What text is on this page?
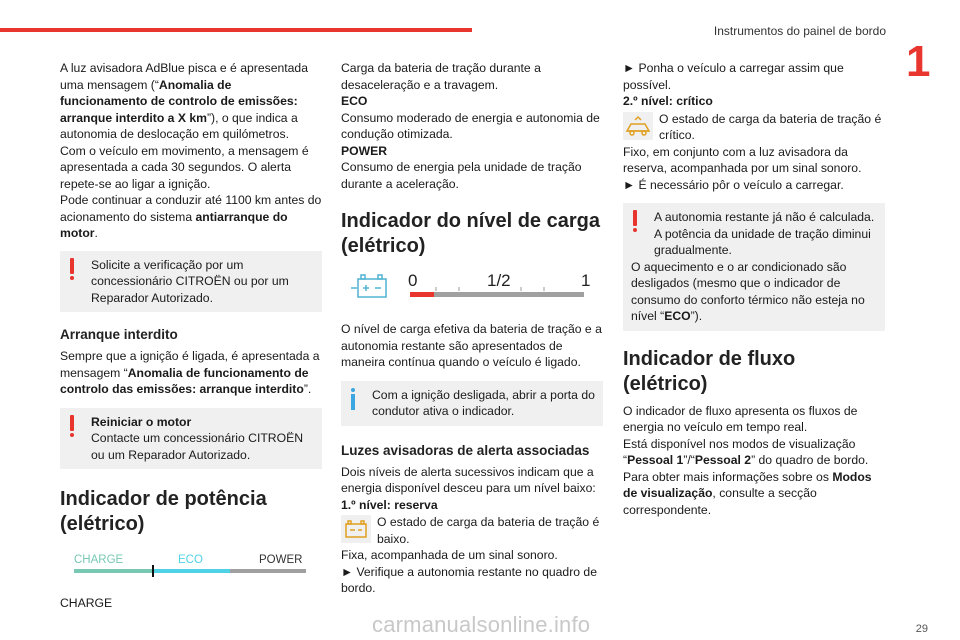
Instrumentos do painel de bordo
1

A luz avisadora AdBlue pisca e é apresentada uma mensagem (“Anomalia de funcionamento de controlo de emissões: arranque interdito a X km”), o que indica a autonomia de deslocação em quilómetros.

Com o veículo em movimento, a mensagem é apresentada a cada 30 segundos. O alerta repete-se ao ligar a ignição.

Pode continuar a conduzir até 1100 km antes do acionamento do sistema antiarranque do motor.

Solicite a verificação por um concessionário CITROËN ou por um Reparador Autorizado.

Arranque interdito

Sempre que a ignição é ligada, é apresentada a mensagem “Anomalia de funcionamento de controlo das emissões: arranque interdito”.

Reiniciar o motor

Contacte um concessionário CITROËN ou um Reparador Autorizado.

Indicador de potência (elétrico)
CHARGE	ECO	POWER

CHARGE

Carga da bateria de tração durante a desaceleração e a travagem.

ECO

Consumo moderado de energia e autonomia de condução otimizada.

POWER

Consumo de energia pela unidade de tração durante a aceleração.

Indicador do nível de carga (elétrico)
0	1/2	1

O nível de carga efetiva da bateria de tração e a autonomia restante são apresentados de maneira contínua quando o veículo é ligado.

Com a ignição desligada, abrir a porta do condutor ativa o indicador.

Luzes avisadoras de alerta associadas

Dois níveis de alerta sucessivos indicam que a energia disponível desceu para um nível baixo:

1.º nível: reserva

O estado de carga da bateria de tração é baixo.

Fixa, acompanhada de um sinal sonoro.

► Verifique a autonomia restante no quadro de bordo.

► Ponha o veículo a carregar assim que possível.

2.º nível: crítico

O estado de carga da bateria de tração é crítico.

Fixo, em conjunto com a luz avisadora da reserva, acompanhada por um sinal sonoro.

► É necessário pôr o veículo a carregar.

A autonomia restante já não é calculada. A potência da unidade de tração diminui gradualmente.

O aquecimento e o ar condicionado são desligados (mesmo que o indicador de consumo do conforto térmico não esteja no nível “ECO”).

Indicador de fluxo (elétrico)

O indicador de fluxo apresenta os fluxos de energia no veículo em tempo real.

Está disponível nos modos de visualização “Pessoal 1”/“Pessoal 2” do quadro de bordo.

Para obter mais informações sobre os Modos de visualização, consulte a secção correspondente.

carmanualsonline.info	29
